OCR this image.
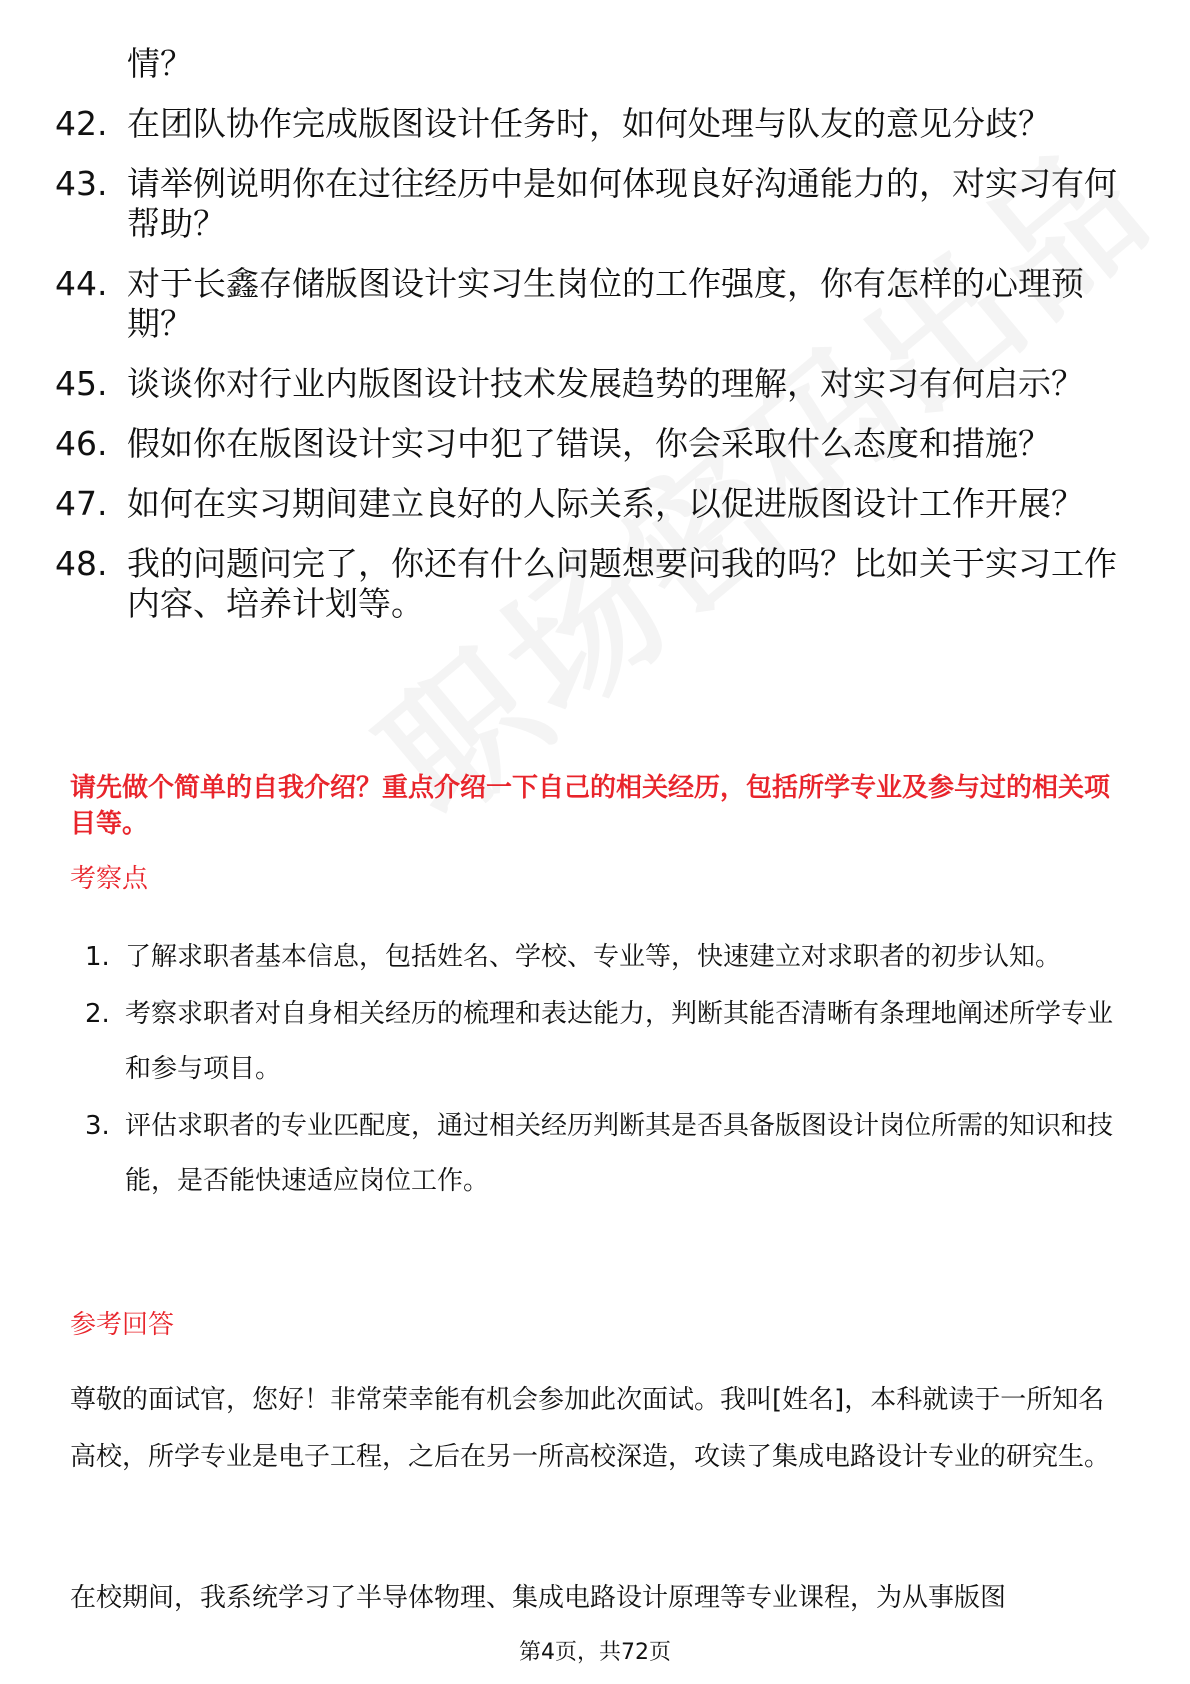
情？
42. 在团队协作完成版图设计任务时，如何处理与队友的意见分歧？
43. 请举例说明你在过往经历中是如何体现良好沟通能力的，对实习有何帮助？
44. 对于长鑫存储版图设计实习生岗位的工作强度，你有怎样的心理预期？
45. 谈谈你对行业内版图设计技术发展趋势的理解，对实习有何启示？
46. 假如你在版图设计实习中犯了错误，你会采取什么态度和措施？
47. 如何在实习期间建立良好的人际关系，以促进版图设计工作开展？
48. 我的问题问完了，你还有什么问题想要问我的吗？比如关于实习工作内容、培养计划等。
请先做个简单的自我介绍？重点介绍一下自己的相关经历，包括所学专业及参与过的相关项目等。
考察点
1. 了解求职者基本信息，包括姓名、学校、专业等，快速建立对求职者的初步认知。
2. 考察求职者对自身相关经历的梳理和表达能力，判断其能否清晰有条理地阐述所学专业和参与项目。
3. 评估求职者的专业匹配度，通过相关经历判断其是否具备版图设计岗位所需的知识和技能，是否能快速适应岗位工作。
参考回答
尊敬的面试官，您好！非常荣幸能有机会参加此次面试。我叫[姓名]，本科就读于一所知名高校，所学专业是电子工程，之后在另一所高校深造，攻读了集成电路设计专业的研究生。
在校期间，我系统学习了半导体物理、集成电路设计原理等专业课程，为从事版图
第4页，共72页
